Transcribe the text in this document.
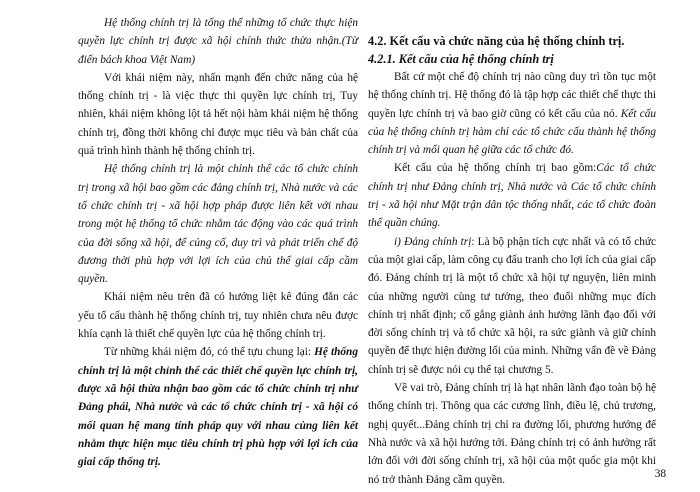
Hệ thống chính trị là tổng thể những tổ chức thực hiện quyền lực chính trị được xã hội chính thức thừa nhận.(Từ điển bách khoa Việt Nam)

Với khái niệm này, nhấn mạnh đến chức năng của hệ thống chính trị - là việc thực thi quyền lực chính trị, Tuy nhiên, khái niệm không lột tả hết nội hàm khái niệm hệ thống chính trị, đồng thời không chỉ được mục tiêu và bản chất của quá trình hình thành hệ thống chính trị.

Hệ thống chính trị là một chỉnh thể các tổ chức chính trị trong xã hội bao gồm các đảng chính trị, Nhà nước và các tổ chức chính trị - xã hội hợp pháp được liên kết với nhau trong một hệ thống tổ chức nhằm tác động vào các quá trình của đời sống xã hội, để củng cố, duy trì và phát triển chế độ đương thời phù hợp với lợi ích của chủ thể giai cấp cầm quyền.

Khái niệm nêu trên đã có hướng liệt kê đúng đắn các yếu tố cấu thành hệ thống chính trị, tuy nhiên chưa nêu được khía cạnh là thiết chế quyền lực của hệ thống chính trị.

Từ những khái niệm đó, có thể tựu chung lại: Hệ thống chính trị là một chỉnh thể các thiết chế quyền lực chính trị, được xã hội thừa nhận bao gồm các tổ chức chính trị như Đảng phái, Nhà nước và các tổ chức chính trị - xã hội có mối quan hệ mang tính pháp quy với nhau cùng liên kết nhằm thực hiện mục tiêu chính trị phù hợp với lợi ích của giai cấp thống trị.

4.2. Kết cấu và chức năng của hệ thống chính trị.
4.2.1. Kết cấu của hệ thống chính trị

Bất cứ một chế độ chính trị nào cũng duy trì tồn tục một hệ thống chính trị. Hệ thống đó là tập hợp các thiết chế thực thi quyền lực chính trị và bao giờ cũng có kết cấu của nó. Kết cấu của hệ thống chính trị hàm chỉ các tổ chức cấu thành hệ thống chính trị và mối quan hệ giữa các tổ chức đó.

Kết cấu của hệ thống chính trị bao gồm:Các tổ chức chính trị như Đảng chính trị, Nhà nước và Các tổ chức chính trị - xã hội như Mặt trận dân tộc thống nhất, các tổ chức đoàn thể quần chúng.

i) Đảng chính trị: Là bộ phận tích cực nhất và có tổ chức của một giai cấp, làm công cụ đấu tranh cho lợi ích của giai cấp đó. Đảng chính trị là một tổ chức xã hội tự nguyện, liên minh của những người cùng tư tưởng, theo đuổi những mục đích chính trị nhất định; cố gắng giành ảnh hưởng lãnh đạo đối với đời sống chính trị và tổ chức xã hội, ra sức giành và giữ chính quyền để thực hiện đường lối của mình. Những vấn đề về Đảng chính trị sẽ được nói cụ thể tại chương 5.

Về vai trò, Đảng chính trị là hạt nhân lãnh đạo toàn bộ hệ thống chính trị. Thông qua các cương lĩnh, điều lệ, chủ trương, nghị quyết...Đảng chính trị chỉ ra đường lối, phương hướng để Nhà nước và xã hội hướng tới. Đảng chính trị có ảnh hưởng rất lớn đối với đời sống chính trị, xã hội của một quốc gia một khi nó trở thành Đảng cầm quyền.	38
